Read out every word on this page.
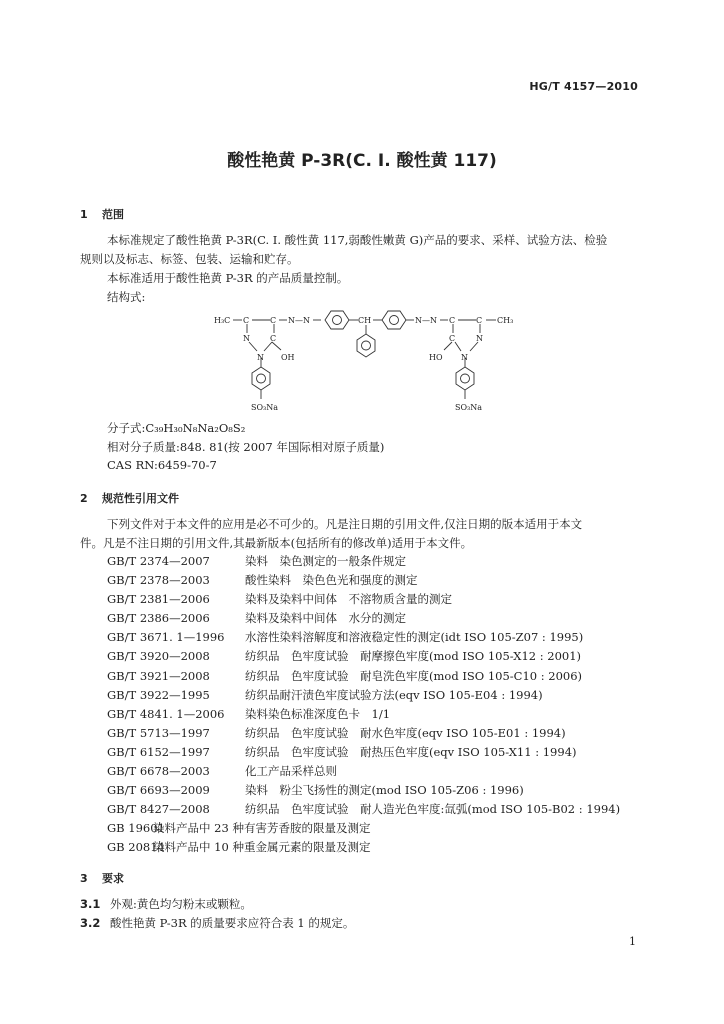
HG/T 4157—2010
酸性艳黄 P-3R(C. I. 酸性黄 117)
1 范围
本标准规定了酸性艳黄 P-3R(C. I. 酸性黄 117,弱酸性嫩黄 G)产品的要求、采样、试验方法、检验
规则以及标志、标签、包装、运输和贮存。
本标准适用于酸性艳黄 P-3R 的产品质量控制。
结构式:
H₃C C	C
N	C
N OH
N—N	CH	N—N C	C CH₃
C	N
N
HO
SO₃Na	SO₃Na
分子式:C₃₉H₃₀N₈Na₂O₈S₂
相对分子质量:848. 81(按 2007 年国际相对原子质量)
CAS RN:6459-70-7
2 规范性引用文件
下列文件对于本文件的应用是必不可少的。凡是注日期的引用文件,仅注日期的版本适用于本文
件。凡是不注日期的引用文件,其最新版本(包括所有的修改单)适用于本文件。
GB/T 2374—2007	染料　染色测定的一般条件规定
GB/T 2378—2003	酸性染料　染色色光和强度的测定
GB/T 2381—2006	染料及染料中间体　不溶物质含量的测定
GB/T 2386—2006	染料及染料中间体　水分的测定
GB/T 3671. 1—1996 水溶性染料溶解度和溶液稳定性的测定(idt ISO 105-Z07 : 1995)
GB/T 3920—2008	纺织品　色牢度试验　耐摩擦色牢度(mod ISO 105-X12 : 2001)
GB/T 3921—2008	纺织品　色牢度试验　耐皂洗色牢度(mod ISO 105-C10 : 2006)
GB/T 3922—1995	纺织品耐汗渍色牢度试验方法(eqv ISO 105-E04 : 1994)
GB/T 4841. 1—2006 染料染色标准深度色卡　1/1
GB/T 5713—1997	纺织品　色牢度试验　耐水色牢度(eqv ISO 105-E01 : 1994)
GB/T 6152—1997	纺织品　色牢度试验　耐热压色牢度(eqv ISO 105-X11 : 1994)
GB/T 6678—2003	化工产品采样总则
GB/T 6693—2009	染料　粉尘飞扬性的测定(mod ISO 105-Z06 : 1996)
GB/T 8427—2008	纺织品　色牢度试验　耐人造光色牢度:氙弧(mod ISO 105-B02 : 1994)
GB 19601染料产品中 23 种有害芳香胺的限量及测定
GB 20814染料产品中 10 种重金属元素的限量及测定
3 要求
3.1 外观:黄色均匀粉末或颗粒。
3.2 酸性艳黄 P-3R 的质量要求应符合表 1 的规定。
1
